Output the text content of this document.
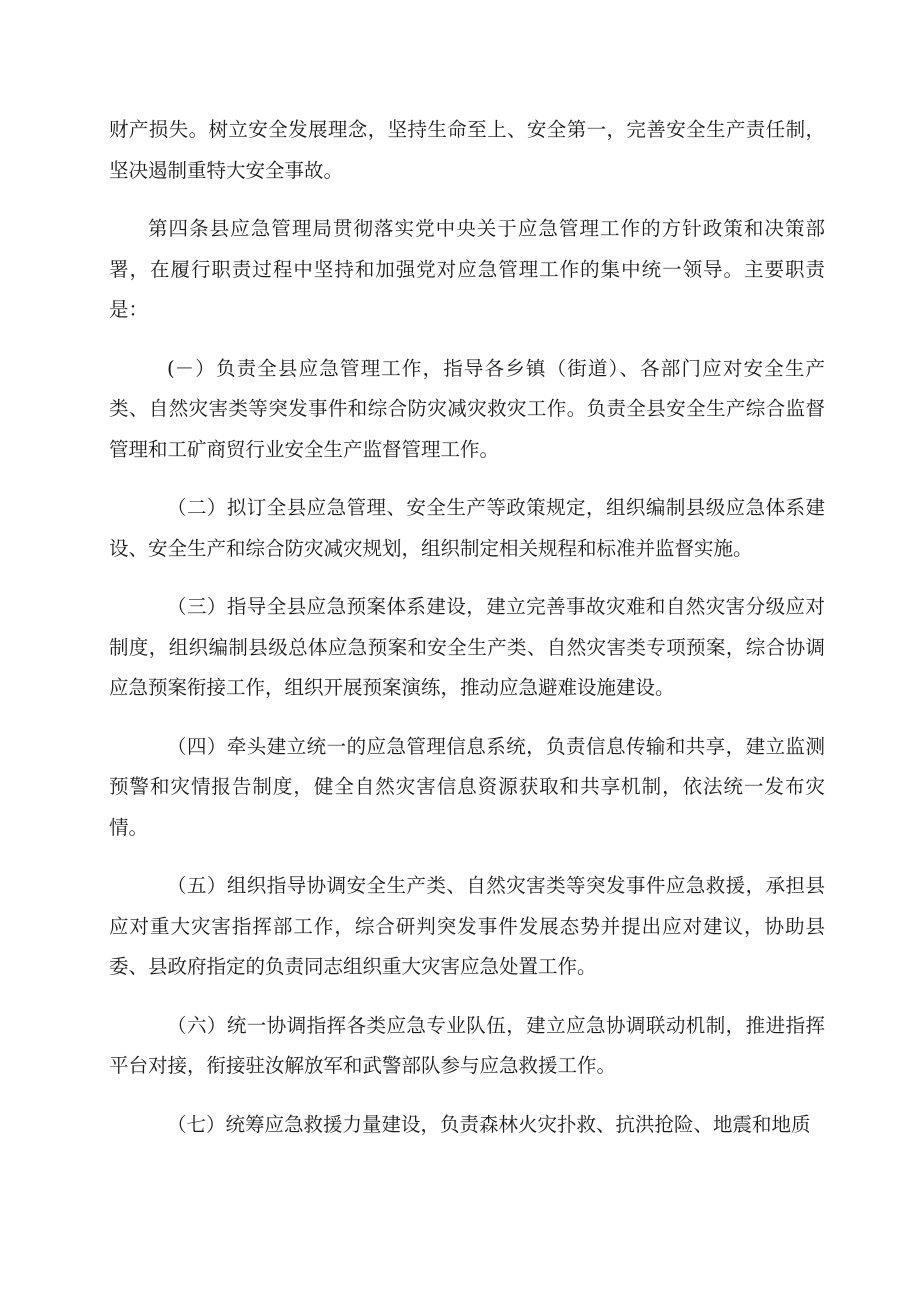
财产损失。树立安全发展理念，坚持生命至上、安全第一，完善安全生产责任制，坚决遏制重特大安全事故。

第四条县应急管理局贯彻落实党中央关于应急管理工作的方针政策和决策部署，在履行职责过程中坚持和加强党对应急管理工作的集中统一领导。主要职责是：

(－）负责全县应急管理工作，指导各乡镇（街道）、各部门应对安全生产类、自然灾害类等突发事件和综合防灾减灾救灾工作。负责全县安全生产综合监督管理和工矿商贸行业安全生产监督管理工作。

（二）拟订全县应急管理、安全生产等政策规定，组织编制县级应急体系建设、安全生产和综合防灾减灾规划，组织制定相关规程和标准并监督实施。

（三）指导全县应急预案体系建设，建立完善事故灾难和自然灾害分级应对制度，组织编制县级总体应急预案和安全生产类、自然灾害类专项预案，综合协调应急预案衔接工作，组织开展预案演练，推动应急避难设施建设。

（四）牵头建立统一的应急管理信息系统，负责信息传输和共享，建立监测预警和灾情报告制度，健全自然灾害信息资源获取和共享机制，依法统一发布灾情。

（五）组织指导协调安全生产类、自然灾害类等突发事件应急救援，承担县应对重大灾害指挥部工作，综合研判突发事件发展态势并提出应对建议，协助县委、县政府指定的负责同志组织重大灾害应急处置工作。

（六）统一协调指挥各类应急专业队伍，建立应急协调联动机制，推进指挥平台对接，衔接驻汝解放军和武警部队参与应急救援工作。

（七）统筹应急救援力量建设，负责森林火灾扑救、抗洪抢险、地震和地质
